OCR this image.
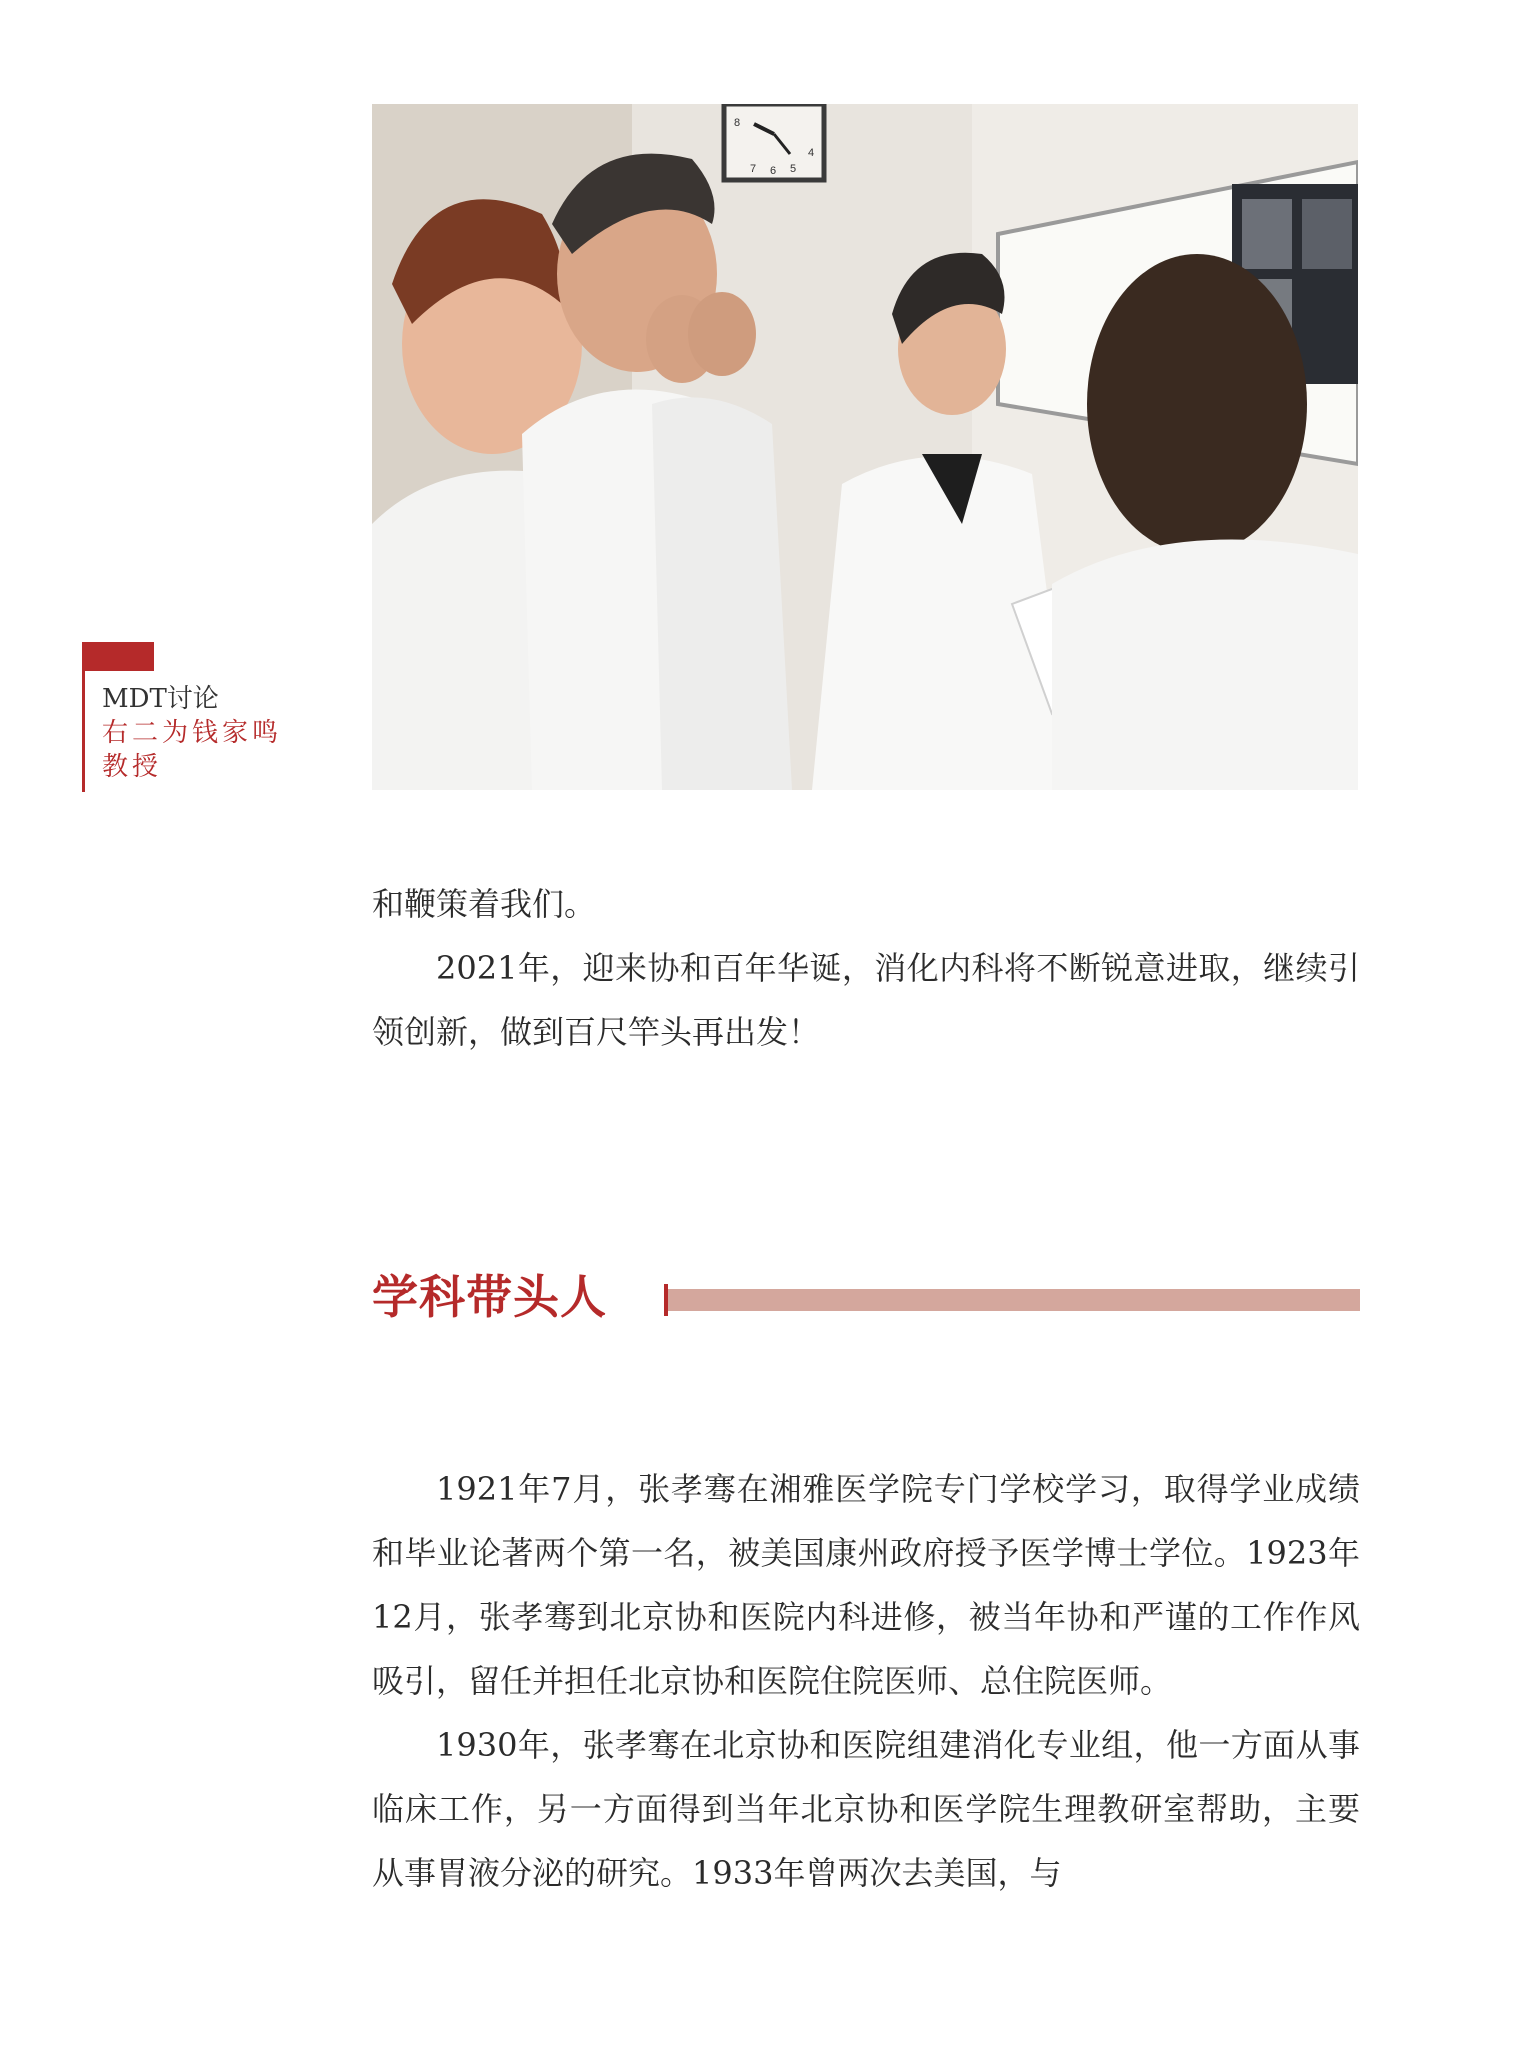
8
4
7 6 5
MDT讨论
右二为钱家鸣
教授

和鞭策着我们。

2021年，迎来协和百年华诞，消化内科将不断锐意进取，继续引领创新，做到百尺竿头再出发！

学科带头人

1921年7月，张孝骞在湘雅医学院专门学校学习，取得学业成绩和毕业论著两个第一名，被美国康州政府授予医学博士学位。1923年12月，张孝骞到北京协和医院内科进修，被当年协和严谨的工作作风吸引，留任并担任北京协和医院住院医师、总住院医师。

1930年，张孝骞在北京协和医院组建消化专业组，他一方面从事临床工作，另一方面得到当年北京协和医学院生理教研室帮助，主要从事胃液分泌的研究。1933年曾两次去美国，与
